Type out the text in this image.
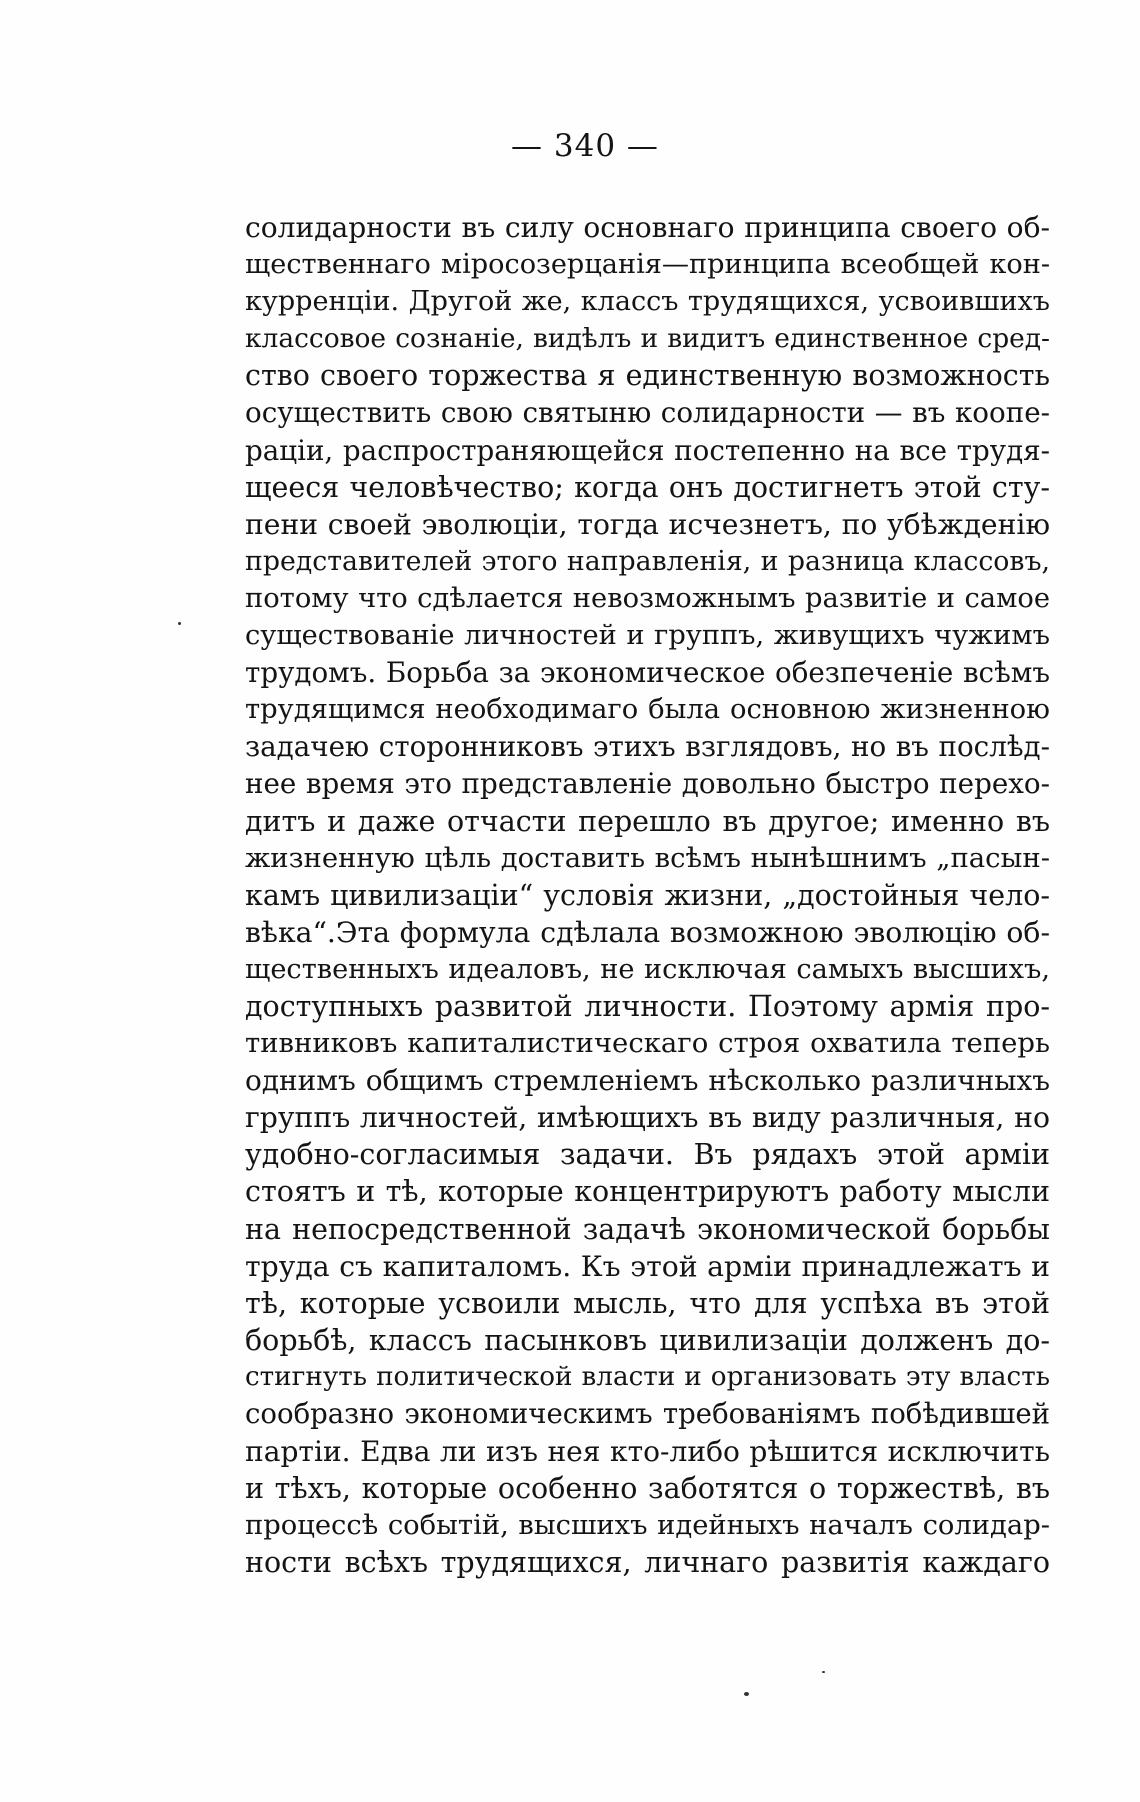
— 340 —
солидарности въ силу основнаго принципа своего об-
щественнаго міросозерцанія—принципа всеобщей кон-
курренціи. Другой же, классъ трудящихся, усвоившихъ
классовое сознаніе, видѣлъ и видитъ единственное сред-
ство своего торжества я единственную возможность
осуществить свою святыню солидарности — въ коопе-
раціи, распространяющейся постепенно на все трудя-
щееся человѣчество; когда онъ достигнетъ этой сту-
пени своей эволюціи, тогда исчезнетъ, по убѣжденію
представителей этого направленія, и разница классовъ,
потому что сдѣлается невозможнымъ развитіе и самое
существованіе личностей и группъ, живущихъ чужимъ
трудомъ. Борьба за экономическое обезпеченіе всѣмъ
трудящимся необходимаго была основною жизненною
задачею сторонниковъ этихъ взглядовъ, но въ послѣд-
нее время это представленіе довольно быстро перехо-
дитъ и даже отчасти перешло въ другое; именно въ
жизненную цѣль доставить всѣмъ нынѣшнимъ „пасын-
камъ цивилизаціи“ условія жизни, „достойныя чело-
вѣка“.Эта формула сдѣлала возможною эволюцію об-
щественныхъ идеаловъ, не исключая самыхъ высшихъ,
доступныхъ развитой личности. Поэтому армія про-
тивниковъ капиталистическаго строя охватила теперь
однимъ общимъ стремленіемъ нѣсколько различныхъ
группъ личностей, имѣющихъ въ виду различныя, но
удобно-согласимыя задачи. Въ рядахъ этой арміи
стоятъ и тѣ, которые концентрируютъ работу мысли
на непосредственной задачѣ экономической борьбы
труда съ капиталомъ. Къ этой арміи принадлежатъ и
тѣ, которые усвоили мысль, что для успѣха въ этой
борьбѣ, классъ пасынковъ цивилизаціи долженъ до-
стигнуть политической власти и организовать эту власть
сообразно экономическимъ требованіямъ побѣдившей
партіи. Едва ли изъ нея кто-либо рѣшится исключить
и тѣхъ, которые особенно заботятся о торжествѣ, въ
процессѣ событій, высшихъ идейныхъ началъ солидар-
ности всѣхъ трудящихся, личнаго развитія каждаго
